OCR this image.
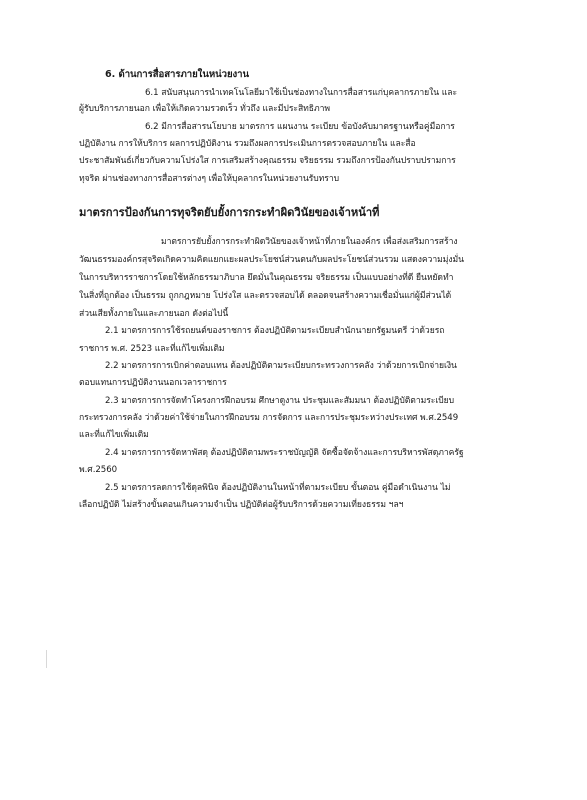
6. ด้านการสื่อสารภายในหน่วยงาน
6.1 สนับสนุนการนำเทคโนโลยีมาใช้เป็นช่องทางในการสื่อสารแก่บุคลากรภายใน และ
ผู้รับบริการภายนอก เพื่อให้เกิดความรวดเร็ว ทั่วถึง และมีประสิทธิภาพ
6.2 มีการสื่อสารนโยบาย มาตรการ แผนงาน ระเบียบ ข้อบังคับมาตรฐานหรือคู่มือการ
ปฏิบัติงาน การให้บริการ ผลการปฏิบัติงาน รวมถึงผลการประเมินการตรวจสอบภายใน และสื่อ
ประชาสัมพันธ์เกี่ยวกับความโปร่งใส การเสริมสร้างคุณธรรม จริยธรรม รวมถึงการป้องกันปราบปรามการ
ทุจริต ผ่านช่องทางการสื่อสารต่างๆ เพื่อให้บุคลากรในหน่วยงานรับทราบ
มาตรการป้องกันการทุจริตยับยั้งการกระทำผิดวินัยของเจ้าหน้าที่
มาตรการยับยั้งการกระทำผิดวินัยของเจ้าหน้าที่ภายในองค์กร เพื่อส่งเสริมการสร้าง
วัฒนธรรมองค์กรสุจริตเกิดความคิดแยกแยะผลประโยชน์ส่วนตนกับผลประโยชน์ส่วนรวม แสดงความมุ่งมั่น
ในการบริหารราชการโดยใช้หลักธรรมาภิบาล ยึดมั่นในคุณธรรม จริยธรรม เป็นแบบอย่างที่ดี ยืนหยัดทำ
ในสิ่งที่ถูกต้อง เป็นธรรม ถูกกฎหมาย โปร่งใส และตรวจสอบได้ ตลอดจนสร้างความเชื่อมั่นแก่ผู้มีส่วนได้
ส่วนเสียทั้งภายในและภายนอก ดังต่อไปนี้
2.1 มาตรการการใช้รถยนต์ของราชการ ต้องปฏิบัติตามระเบียบสำนักนายกรัฐมนตรี ว่าด้วยรถ
ราชการ พ.ศ. 2523 และที่แก้ไขเพิ่มเติม
2.2 มาตรการการเบิกค่าตอบแทน ต้องปฏิบัติตามระเบียบกระทรวงการคลัง ว่าด้วยการเบิกจ่ายเงิน
ตอบแทนการปฏิบัติงานนอกเวลาราชการ
2.3 มาตรการการจัดทำโครงการฝึกอบรม ศึกษาดูงาน ประชุมและสัมมนา ต้องปฏิบัติตามระเบียบ
กระทรวงการคลัง ว่าด้วยค่าใช้จ่ายในการฝึกอบรม การจัดการ และการประชุมระหว่างประเทศ พ.ศ.2549
และที่แก้ไขเพิ่มเติม
2.4 มาตรการการจัดหาพัสดุ ต้องปฏิบัติตามพระราชบัญญัติ จัดซื้อจัดจ้างและการบริหารพัสดุภาครัฐ
พ.ศ.2560
2.5 มาตรการลดการใช้ดุลพินิจ ต้องปฏิบัติงานในหน้าที่ตามระเบียบ ขั้นตอน คู่มือดำเนินงาน ไม่
เลือกปฏิบัติ ไม่สร้างขั้นตอนเกินความจำเป็น ปฏิบัติต่อผู้รับบริการด้วยความเที่ยงธรรม ฯลฯ
